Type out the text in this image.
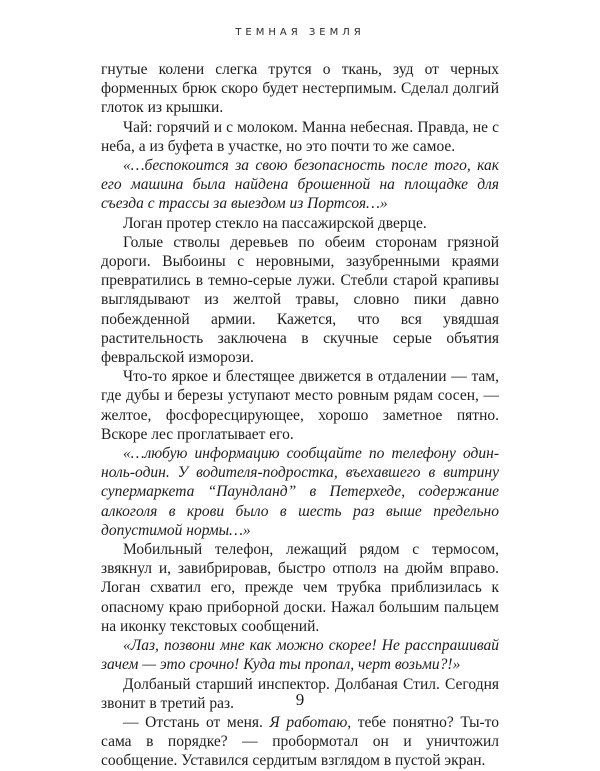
ТЕМНАЯ ЗЕМЛЯ

гнутые колени слегка трутся о ткань, зуд от черных форменных брюк скоро будет нестерпимым. Сделал долгий глоток из крышки.

Чай: горячий и с молоком. Манна небесная. Правда, не с неба, а из буфета в участке, но это почти то же самое.

«…беспокоится за свою безопасность после того, как его машина была найдена брошенной на площадке для съезда с трассы за выездом из Портсоя…»

Логан протер стекло на пассажирской дверце.

Голые стволы деревьев по обеим сторонам грязной дороги. Выбоины с неровными, зазубренными краями превратились в темно-серые лужи. Стебли старой крапивы выглядывают из желтой травы, словно пики давно побежденной армии. Кажется, что вся увядшая растительность заключена в скучные серые объятия февральской изморози.

Что-то яркое и блестящее движется в отдалении — там, где дубы и березы уступают место ровным рядам сосен, — желтое, фосфоресцирующее, хорошо заметное пятно. Вскоре лес проглатывает его.

«…любую информацию сообщайте по телефону один-ноль-один. У водителя-подростка, въехавшего в витрину супермаркета “Паундланд” в Петерхеде, содержание алкоголя в крови было в шесть раз выше предельно допустимой нормы…»

Мобильный телефон, лежащий рядом с термосом, звякнул и, завибрировав, быстро отполз на дюйм вправо. Логан схватил его, прежде чем трубка приблизилась к опасному краю приборной доски. Нажал большим пальцем на иконку текстовых сообщений.

«Лаз, позвони мне как можно скорее! Не расспрашивай зачем — это срочно! Куда ты пропал, черт возьми?!»

Долбаный старший инспектор. Долбаная Стил. Сегодня звонит в третий раз.

— Отстань от меня. Я работаю, тебе понятно? Ты-то сама в порядке? — пробормотал он и уничтожил сообщение. Уставился сердитым взглядом в пустой экран.

9
